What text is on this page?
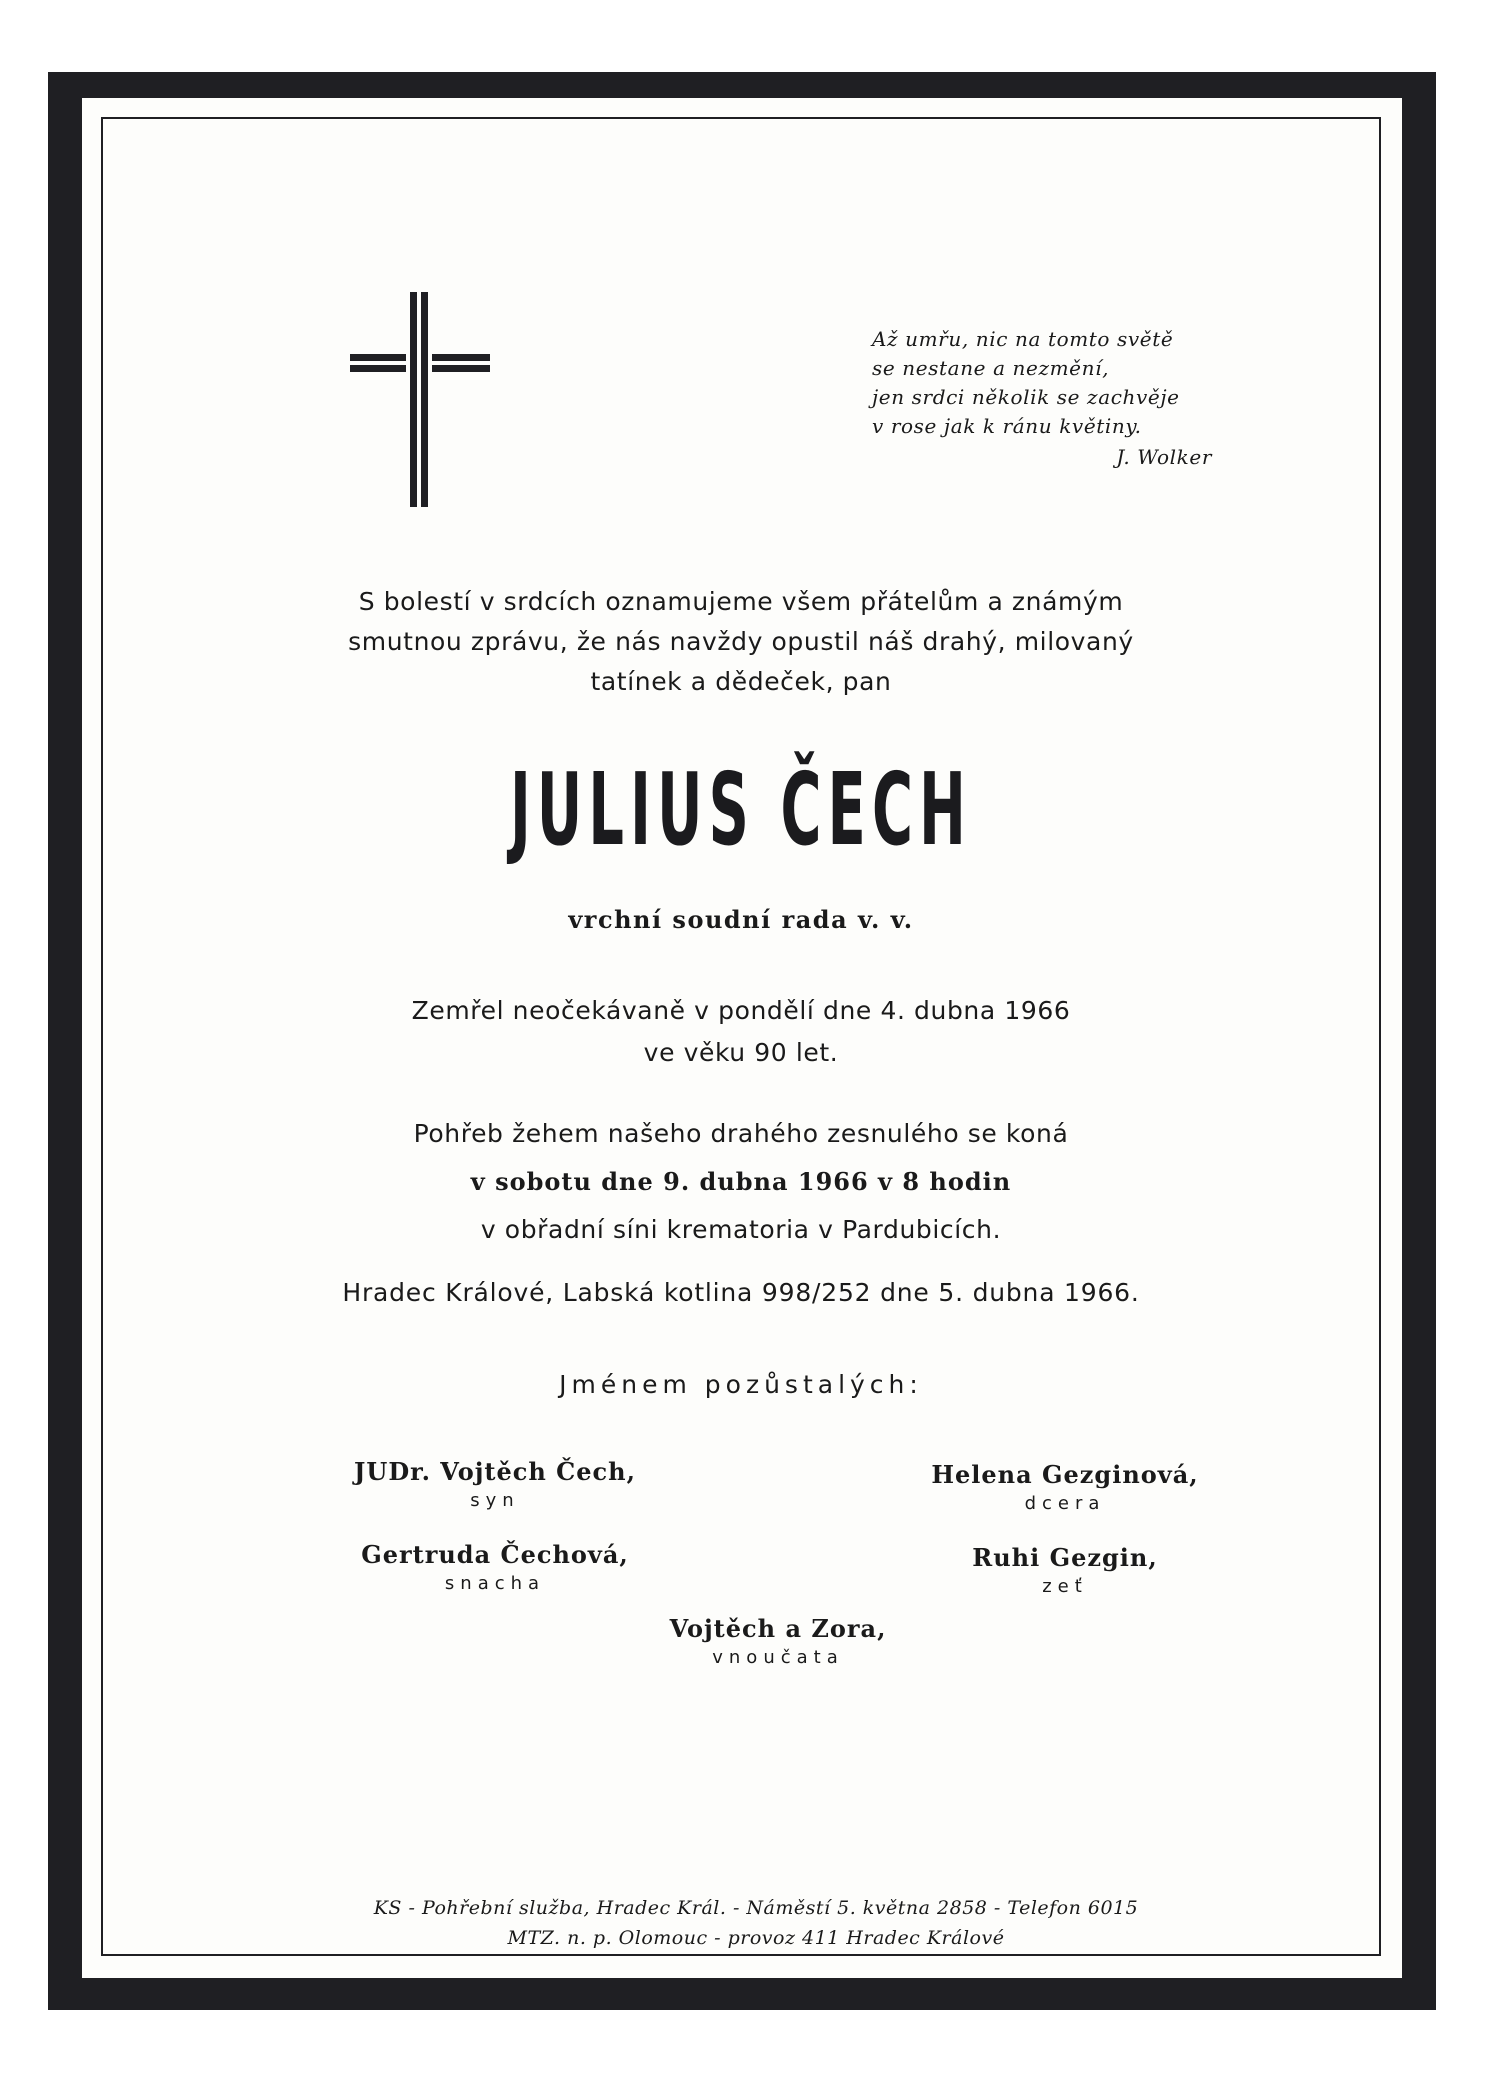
Až umřu, nic na tomto světě
se nestane a nezmění,
jen srdci několik se zachvěje
v rose jak k ránu květiny.
J. Wolker
S bolestí v srdcích oznamujeme všem přátelům a známým
smutnou zprávu, že nás navždy opustil náš drahý, milovaný
tatínek a dědeček, pan
JULIUS ČECH
vrchní soudní rada v. v.
Zemřel neočekávaně v pondělí dne 4. dubna 1966
ve věku 90 let.
Pohřeb žehem našeho drahého zesnulého se koná
v sobotu dne 9. dubna 1966 v 8 hodin
v obřadní síni krematoria v Pardubicích.
Hradec Králové, Labská kotlina 998/252 dne 5. dubna 1966.
Jménem pozůstalých:
JUDr. Vojtěch Čech,
syn
Helena Gezginová,
dcera
Gertruda Čechová,
snacha
Ruhi Gezgin,
zeť
Vojtěch a Zora,
vnoučata
KS - Pohřební služba, Hradec Král. - Náměstí 5. května 2858 - Telefon 6015
MTZ. n. p. Olomouc - provoz 411 Hradec Králové
